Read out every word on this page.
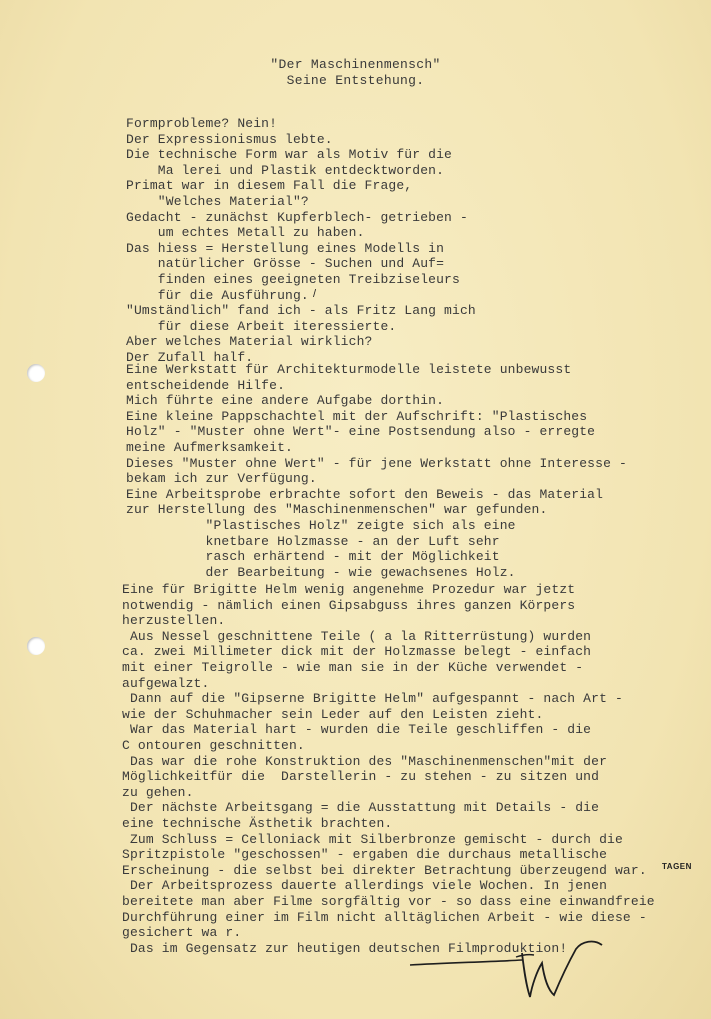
"Der Maschinenmensch"
Seine Entstehung.
Formprobleme? Nein!
Der Expressionismus lebte.
Die technische Form war als Motiv für die
Ma lerei und Plastik entdecktworden.
Primat war in diesem Fall die Frage,
"Welches Material"?
Gedacht - zunächst Kupferblech- getrieben -
um echtes Metall zu haben.
Das hiess = Herstellung eines Modells in
natürlicher Grösse - Suchen und Auf=
finden eines geeigneten Treibziseleurs
für die Ausführung.
"Umständlich" fand ich - als Fritz Lang mich
für diese Arbeit iteressierte.
Aber welches Material wirklich?
Der Zufall half.
Eine Werkstatt für Architekturmodelle leistete unbewusst
entscheidende Hilfe.
Mich führte eine andere Aufgabe dorthin.
Eine kleine Pappschachtel mit der Aufschrift: "Plastisches
Holz" - "Muster ohne Wert"- eine Postsendung also - erregte
meine Aufmerksamkeit.
Dieses "Muster ohne Wert" - für jene Werkstatt ohne Interesse -
bekam ich zur Verfügung.
Eine Arbeitsprobe erbrachte sofort den Beweis - das Material
zur Herstellung des "Maschinenmenschen" war gefunden.
"Plastisches Holz" zeigte sich als eine
knetbare Holzmasse - an der Luft sehr
rasch erhärtend - mit der Möglichkeit
der Bearbeitung - wie gewachsenes Holz.
Eine für Brigitte Helm wenig angenehme Prozedur war jetzt
notwendig - nämlich einen Gipsabguss ihres ganzen Körpers
herzustellen.
Aus Nessel geschnittene Teile ( a la Ritterrüstung) wurden
ca. zwei Millimeter dick mit der Holzmasse belegt - einfach
mit einer Teigrolle - wie man sie in der Küche verwendet -
aufgewalzt.
Dann auf die "Gipserne Brigitte Helm" aufgespannt - nach Art -
wie der Schuhmacher sein Leder auf den Leisten zieht.
War das Material hart - wurden die Teile geschliffen - die
C ontouren geschnitten.
Das war die rohe Konstruktion des "Maschinenmenschen"mit der
Möglichkeitfür die  Darstellerin - zu stehen - zu sitzen und
zu gehen.
Der nächste Arbeitsgang = die Ausstattung mit Details - die
eine technische Ästhetik brachten.
Zum Schluss = Celloniack mit Silberbronze gemischt - durch die
Spritzpistole "geschossen" - ergaben die durchaus metallische
Erscheinung - die selbst bei direkter Betrachtung überzeugend war.
Der Arbeitsprozess dauerte allerdings viele Wochen. In jenen
bereitete man aber Filme sorgfältig vor - so dass eine einwandfreie
Durchführung einer im Film nicht alltäglichen Arbeit - wie diese -
gesichert wa r.
Das im Gegensatz zur heutigen deutschen Filmproduktion!
TAGEN
/
